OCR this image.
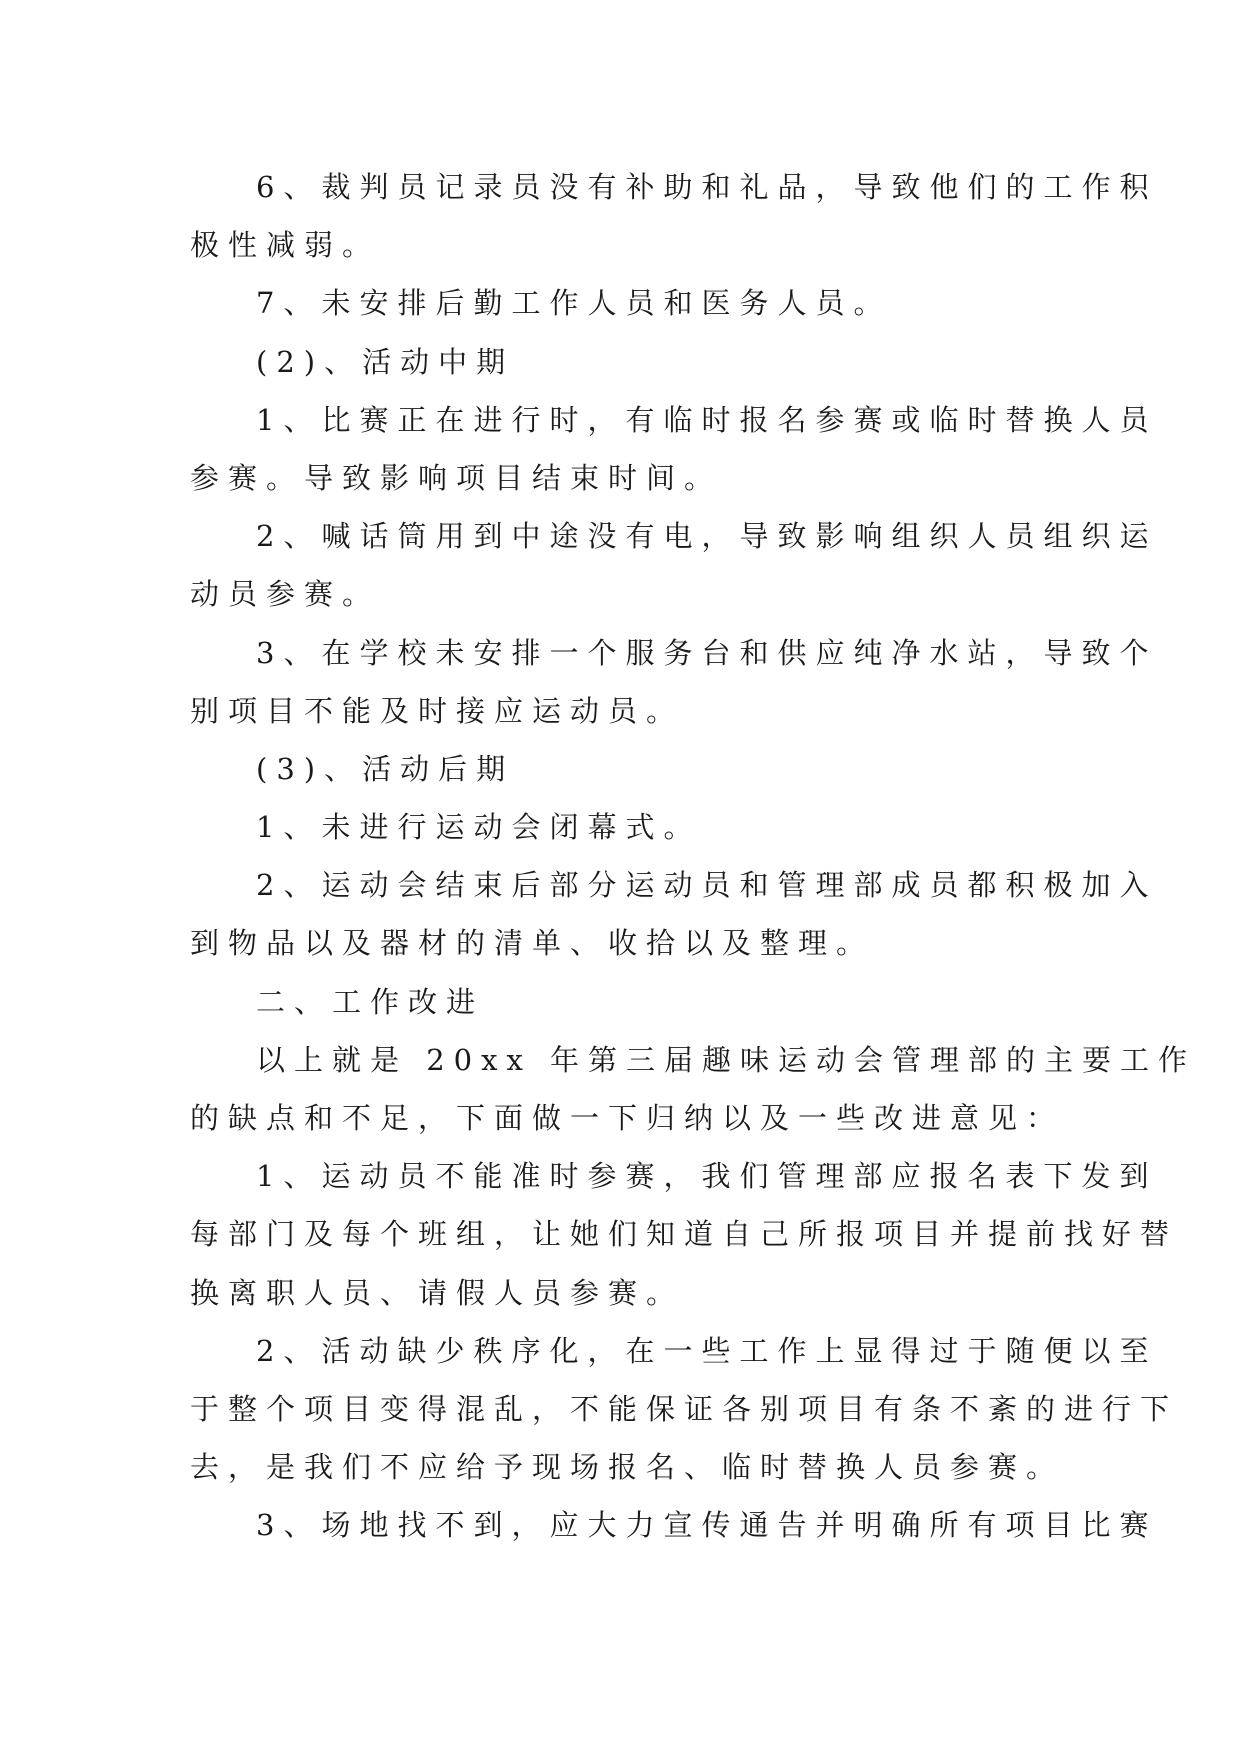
6、裁判员记录员没有补助和礼品，导致他们的工作积
极性减弱。
7、未安排后勤工作人员和医务人员。
(2)、活动中期
1、比赛正在进行时，有临时报名参赛或临时替换人员
参赛。导致影响项目结束时间。
2、喊话筒用到中途没有电，导致影响组织人员组织运
动员参赛。
3、在学校未安排一个服务台和供应纯净水站，导致个
别项目不能及时接应运动员。
(3)、活动后期
1、未进行运动会闭幕式。
2、运动会结束后部分运动员和管理部成员都积极加入
到物品以及器材的清单、收拾以及整理。
二、工作改进
以上就是 20xx 年第三届趣味运动会管理部的主要工作
的缺点和不足，下面做一下归纳以及一些改进意见：
1、运动员不能准时参赛，我们管理部应报名表下发到
每部门及每个班组，让她们知道自己所报项目并提前找好替
换离职人员、请假人员参赛。
2、活动缺少秩序化，在一些工作上显得过于随便以至
于整个项目变得混乱，不能保证各别项目有条不紊的进行下
去，是我们不应给予现场报名、临时替换人员参赛。
3、场地找不到，应大力宣传通告并明确所有项目比赛
